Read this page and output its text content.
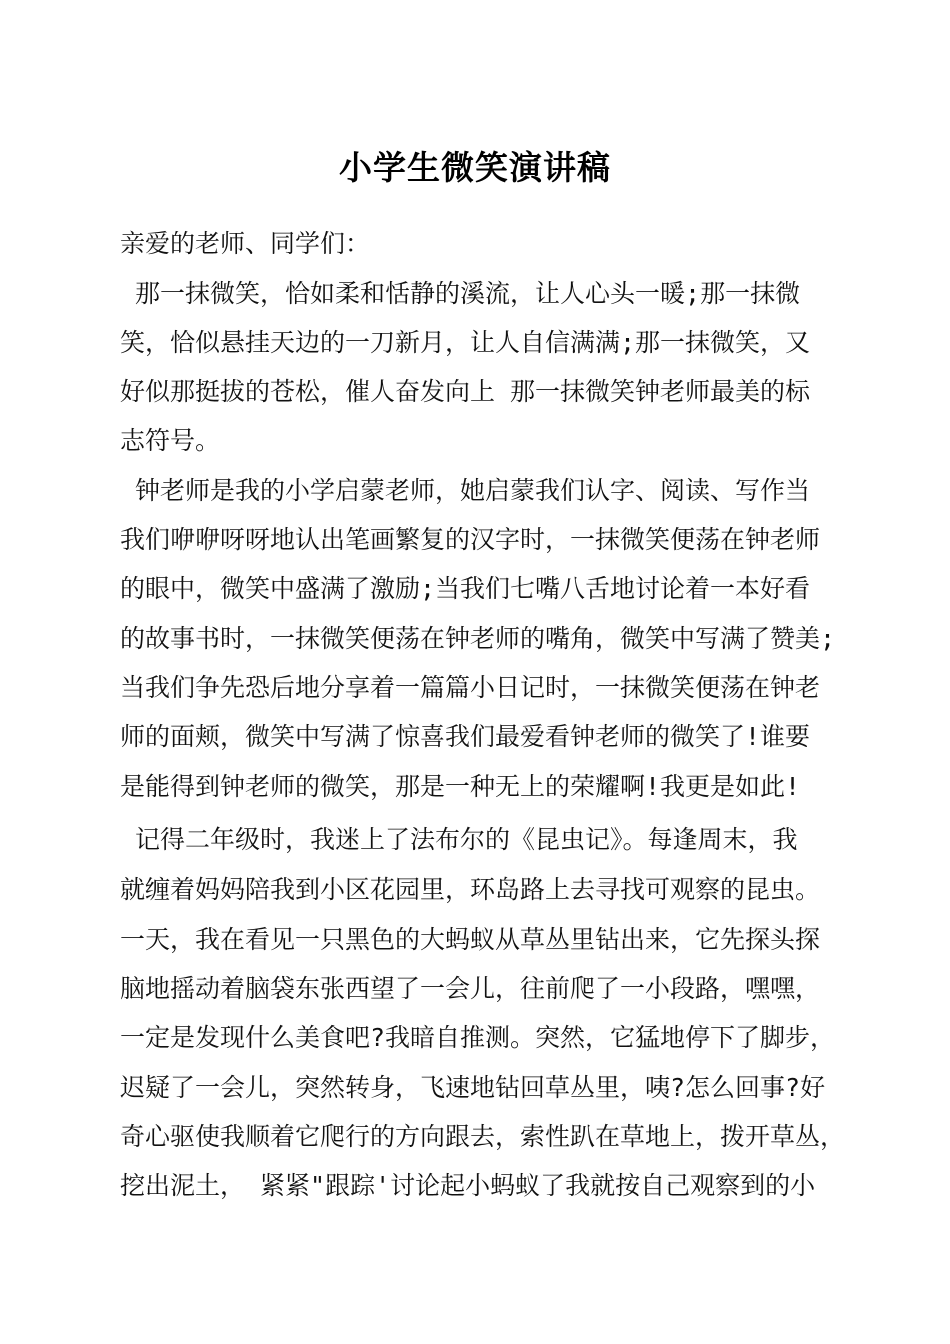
小学生微笑演讲稿
亲爱的老师、同学们：
那一抹微笑，恰如柔和恬静的溪流，让人心头一暖;那一抹微
笑，恰似悬挂天边的一刀新月，让人自信满满;那一抹微笑，又
好似那挺拔的苍松，催人奋发向上 那一抹微笑钟老师最美的标
志符号。
钟老师是我的小学启蒙老师，她启蒙我们认字、阅读、写作当
我们咿咿呀呀地认出笔画繁复的汉字时，一抹微笑便荡在钟老师
的眼中，微笑中盛满了激励;当我们七嘴八舌地讨论着一本好看
的故事书时，一抹微笑便荡在钟老师的嘴角，微笑中写满了赞美;
当我们争先恐后地分享着一篇篇小日记时，一抹微笑便荡在钟老
师的面颊，微笑中写满了惊喜我们最爱看钟老师的微笑了!谁要
是能得到钟老师的微笑，那是一种无上的荣耀啊!我更是如此!
记得二年级时，我迷上了法布尔的《昆虫记》。每逢周末，我
就缠着妈妈陪我到小区花园里，环岛路上去寻找可观察的昆虫。
一天，我在看见一只黑色的大蚂蚁从草丛里钻出来，它先探头探
脑地摇动着脑袋东张西望了一会儿，往前爬了一小段路，嘿嘿，
一定是发现什么美食吧?我暗自推测。突然，它猛地停下了脚步，
迟疑了一会儿，突然转身，飞速地钻回草丛里，咦?怎么回事?好
奇心驱使我顺着它爬行的方向跟去，索性趴在草地上，拨开草丛，
挖出泥土， 紧紧"跟踪'讨论起小蚂蚁了我就按自己观察到的小
